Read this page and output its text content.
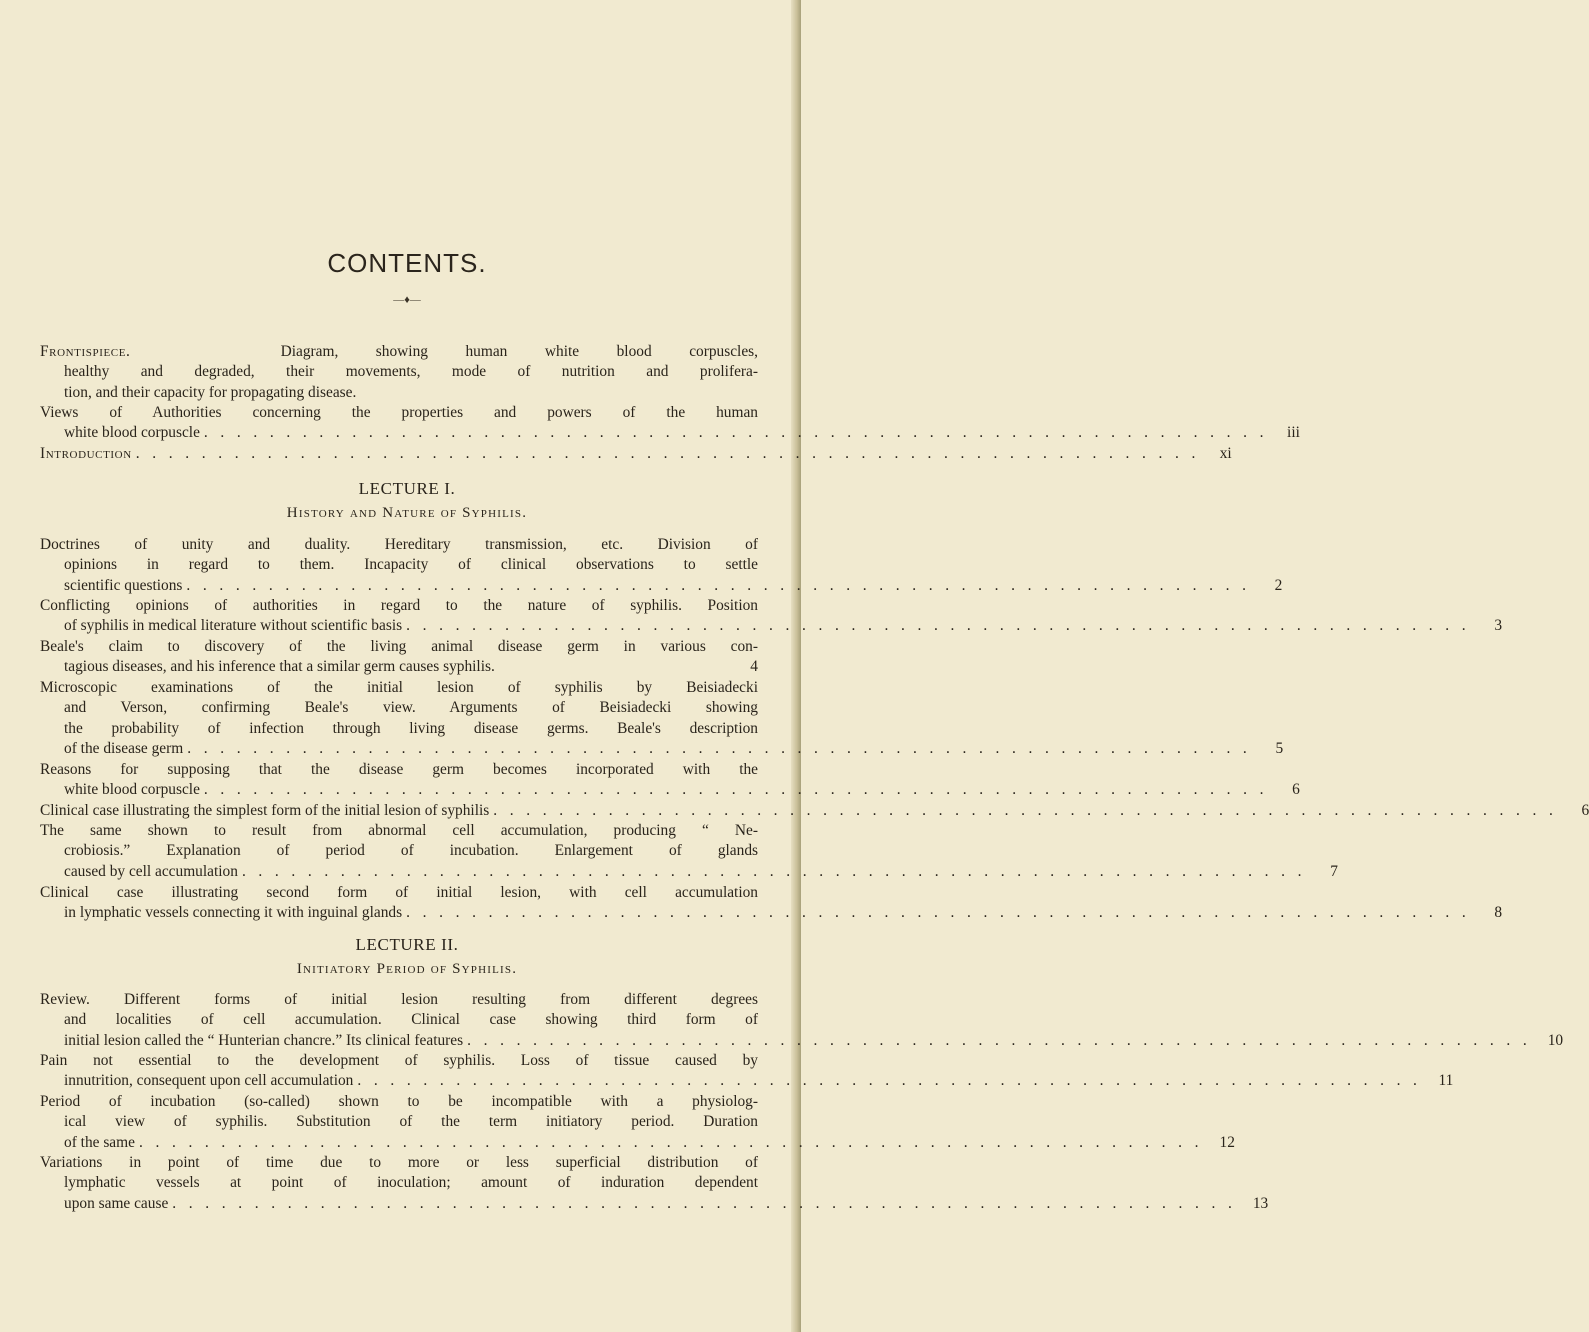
CONTENTS.
—♦—
Frontispiece.	Diagram, showing human white blood corpuscles,
healthy and degraded, their movements, mode of nutrition and prolifera-
tion, and their capacity for propagating disease.
Views of Authorities concerning the properties and powers of the human
white blood corpuscle . . . . . . . . . . . . . . . . . . . . . . . . . . . . . . . . . . . . . . . . . . . . . . . . . . . . . . . . . . . . . . . . .	iii
Introduction . . . . . . . . . . . . . . . . . . . . . . . . . . . . . . . . . . . . . . . . . . . . . . . . . . . . . . . . . . . . . . . . .	xi
LECTURE I.
History and Nature of Syphilis.
Doctrines of unity and duality. Hereditary transmission, etc. Division of
opinions in regard to them. Incapacity of clinical observations to settle
scientific questions . . . . . . . . . . . . . . . . . . . . . . . . . . . . . . . . . . . . . . . . . . . . . . . . . . . . . . . . . . . . . . . . .	2
Conflicting opinions of authorities in regard to the nature of syphilis. Position
of syphilis in medical literature without scientific basis . . . . . . . . . . . . . . . . . . . . . . . . . . . . . . . . . . . . . . . . . . . . . . . . . . . . . . . . . . . . . . . . .	3
Beale's claim to discovery of the living animal disease germ in various con-
tagious diseases, and his inference that a similar germ causes syphilis.	4
Microscopic examinations of the initial lesion of syphilis by Beisiadecki
and Verson, confirming Beale's view. Arguments of Beisiadecki showing
the probability of infection through living disease germs. Beale's description
of the disease germ . . . . . . . . . . . . . . . . . . . . . . . . . . . . . . . . . . . . . . . . . . . . . . . . . . . . . . . . . . . . . . . . .	5
Reasons for supposing that the disease germ becomes incorporated with the
white blood corpuscle . . . . . . . . . . . . . . . . . . . . . . . . . . . . . . . . . . . . . . . . . . . . . . . . . . . . . . . . . . . . . . . . .	6
Clinical case illustrating the simplest form of the initial lesion of syphilis . . . . . . . . . . . . . . . . . . . . . . . . . . . . . . . . . . . . . . . . . . . . . . . . . . . . . . . . . . . . . . . . .	6
The same shown to result from abnormal cell accumulation, producing “ Ne-
crobiosis.” Explanation of period of incubation. Enlargement of glands
caused by cell accumulation . . . . . . . . . . . . . . . . . . . . . . . . . . . . . . . . . . . . . . . . . . . . . . . . . . . . . . . . . . . . . . . . .	7
Clinical case illustrating second form of initial lesion, with cell accumulation
in lymphatic vessels connecting it with inguinal glands . . . . . . . . . . . . . . . . . . . . . . . . . . . . . . . . . . . . . . . . . . . . . . . . . . . . . . . . . . . . . . . . .	8
LECTURE II.
Initiatory Period of Syphilis.
Review. Different forms of initial lesion resulting from different degrees
and localities of cell accumulation. Clinical case showing third form of
initial lesion called the “ Hunterian chancre.” Its clinical features . . . . . . . . . . . . . . . . . . . . . . . . . . . . . . . . . . . . . . . . . . . . . . . . . . . . . . . . . . . . . . . . .	10
Pain not essential to the development of syphilis. Loss of tissue caused by
innutrition, consequent upon cell accumulation . . . . . . . . . . . . . . . . . . . . . . . . . . . . . . . . . . . . . . . . . . . . . . . . . . . . . . . . . . . . . . . . .	11
Period of incubation (so-called) shown to be incompatible with a physiolog-
ical view of syphilis. Substitution of the term initiatory period. Duration
of the same . . . . . . . . . . . . . . . . . . . . . . . . . . . . . . . . . . . . . . . . . . . . . . . . . . . . . . . . . . . . . . . . .	12
Variations in point of time due to more or less superficial distribution of
lymphatic vessels at point of inoculation; amount of induration dependent
upon same cause . . . . . . . . . . . . . . . . . . . . . . . . . . . . . . . . . . . . . . . . . . . . . . . . . . . . . . . . . . . . . . . . .	13
